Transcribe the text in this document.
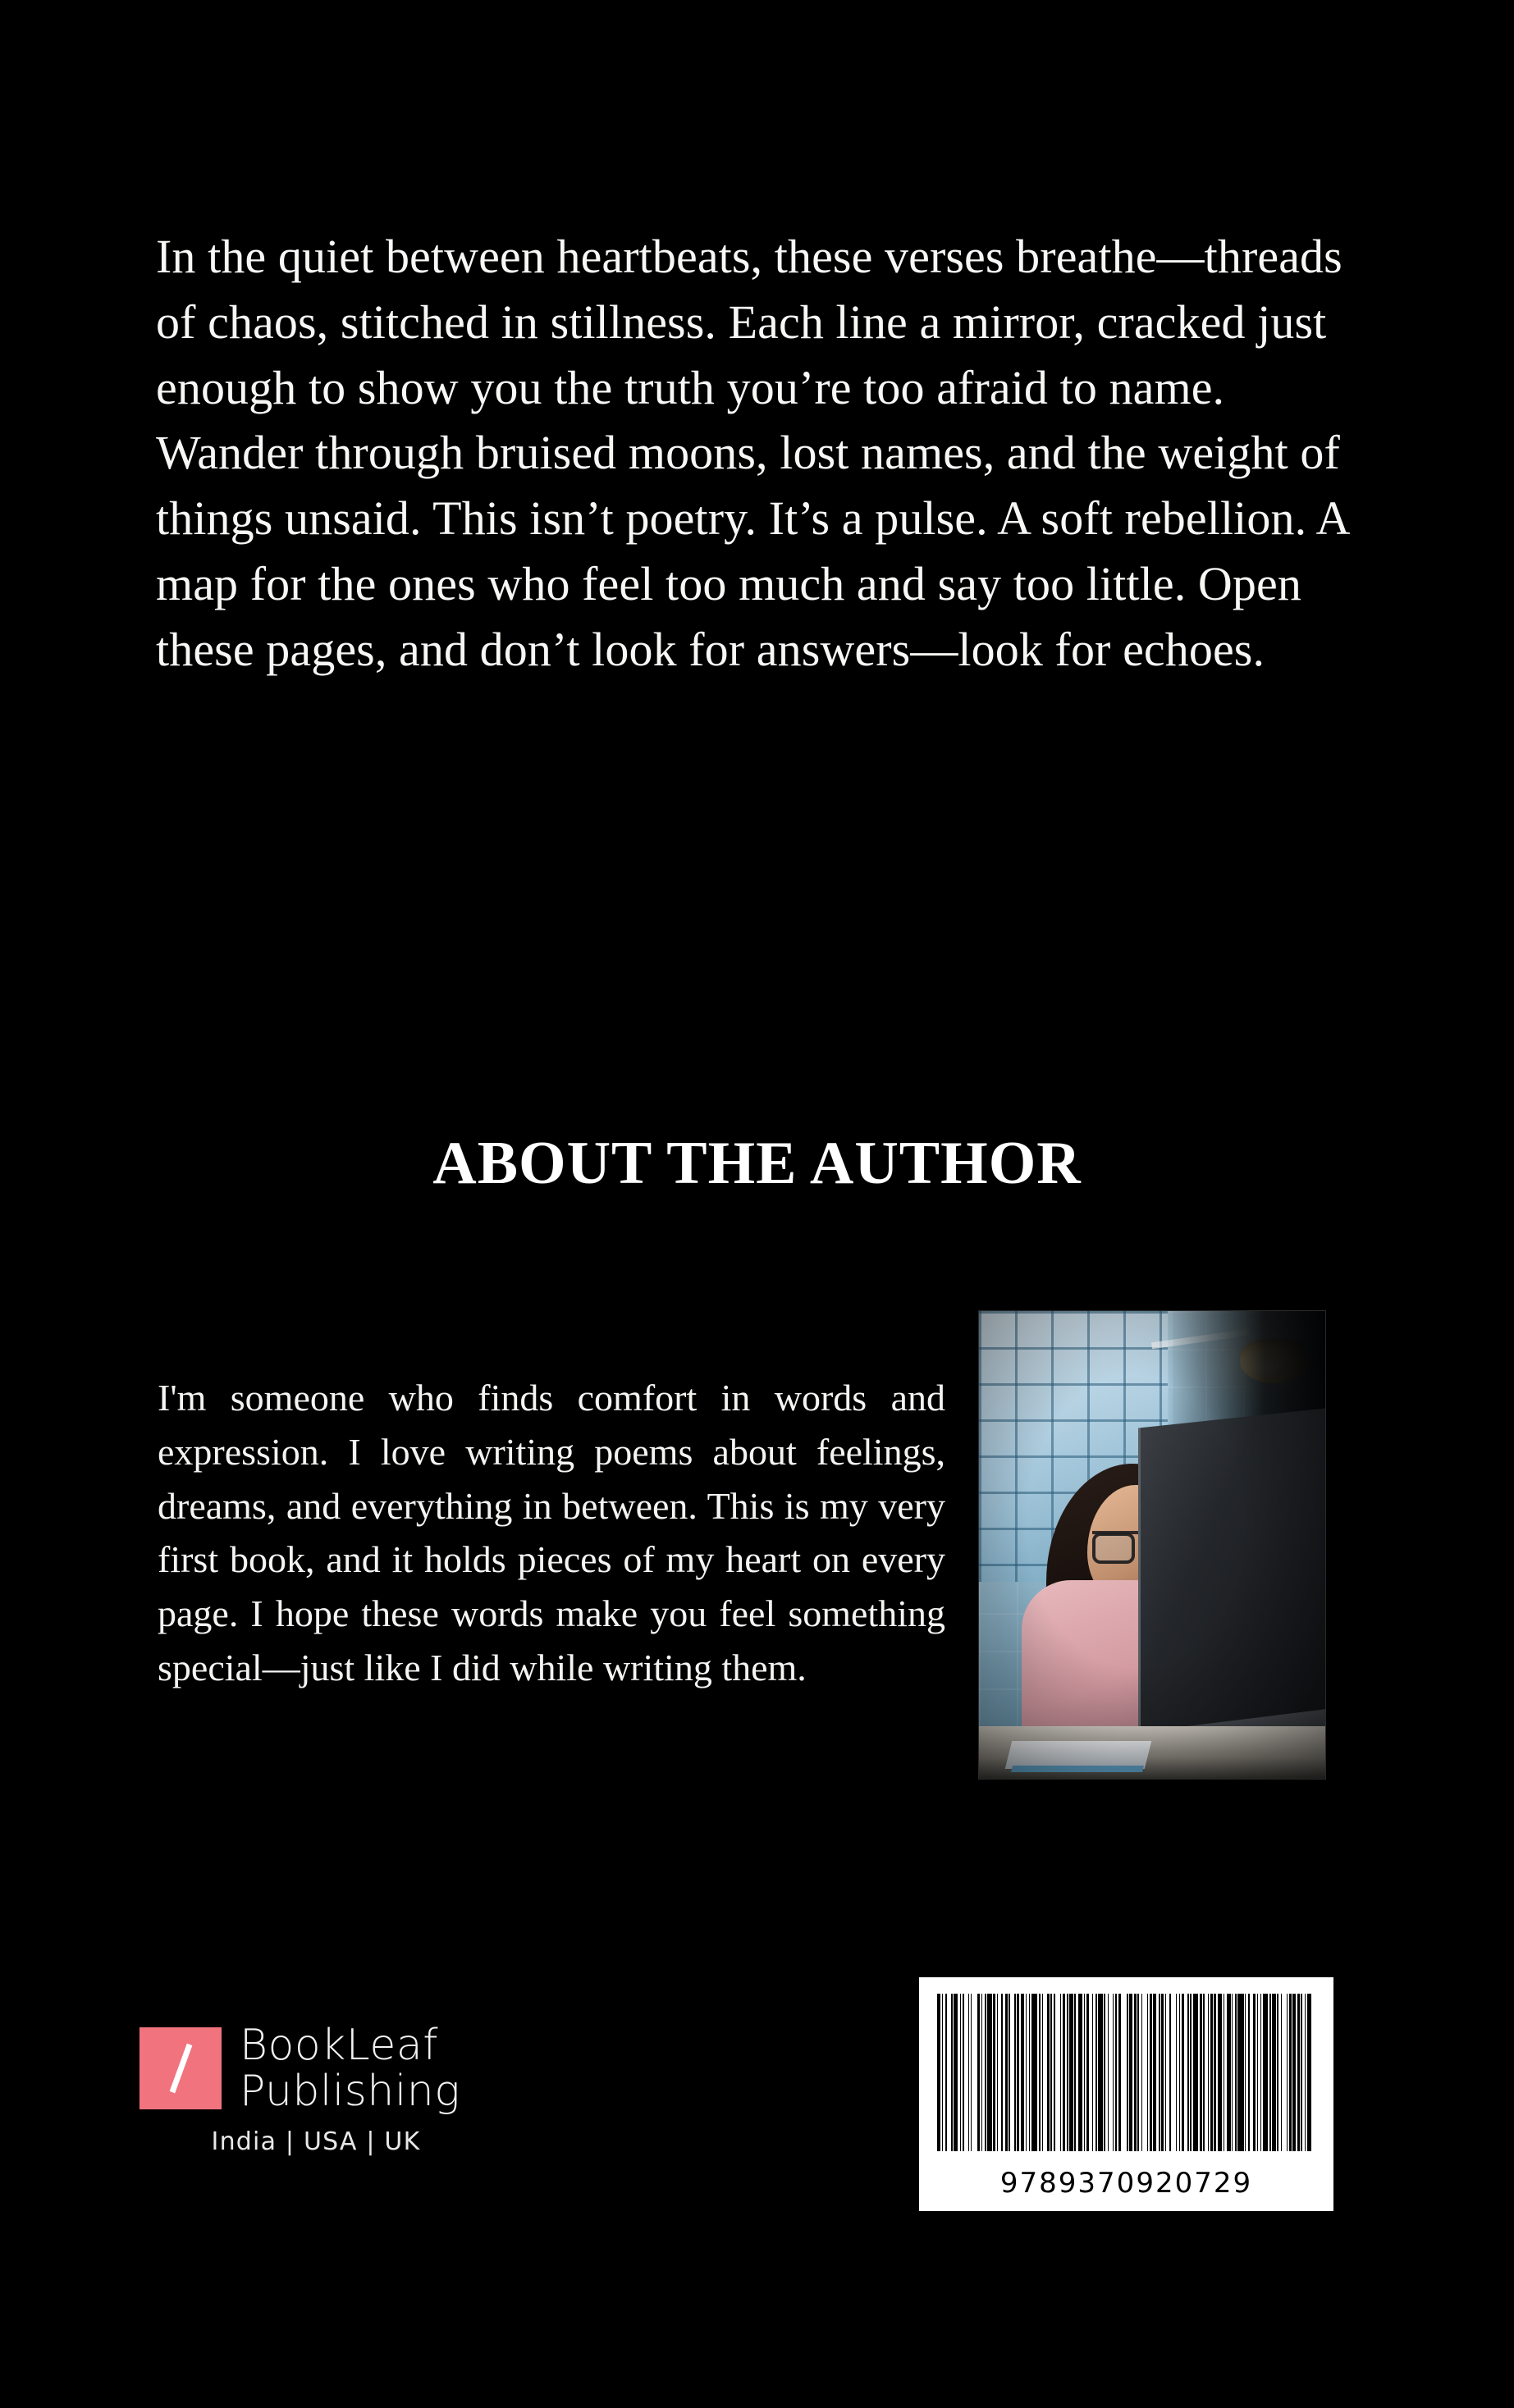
In the quiet between heartbeats, these verses breathe—threads of chaos, stitched in stillness. Each line a mirror, cracked just enough to show you the truth you’re too afraid to name. Wander through bruised moons, lost names, and the weight of things unsaid. This isn’t poetry. It’s a pulse. A soft rebellion. A map for the ones who feel too much and say too little. Open these pages, and don’t look for answers—look for echoes.

ABOUT THE AUTHOR

I'm someone who finds comfort in words and expression. I love writing poems about feelings, dreams, and everything in between. This is my very first book, and it holds pieces of my heart on every page. I hope these words make you feel something special—just like I did while writing them.

BookLeaf
Publishing
India | USA | UK
9789370920729
